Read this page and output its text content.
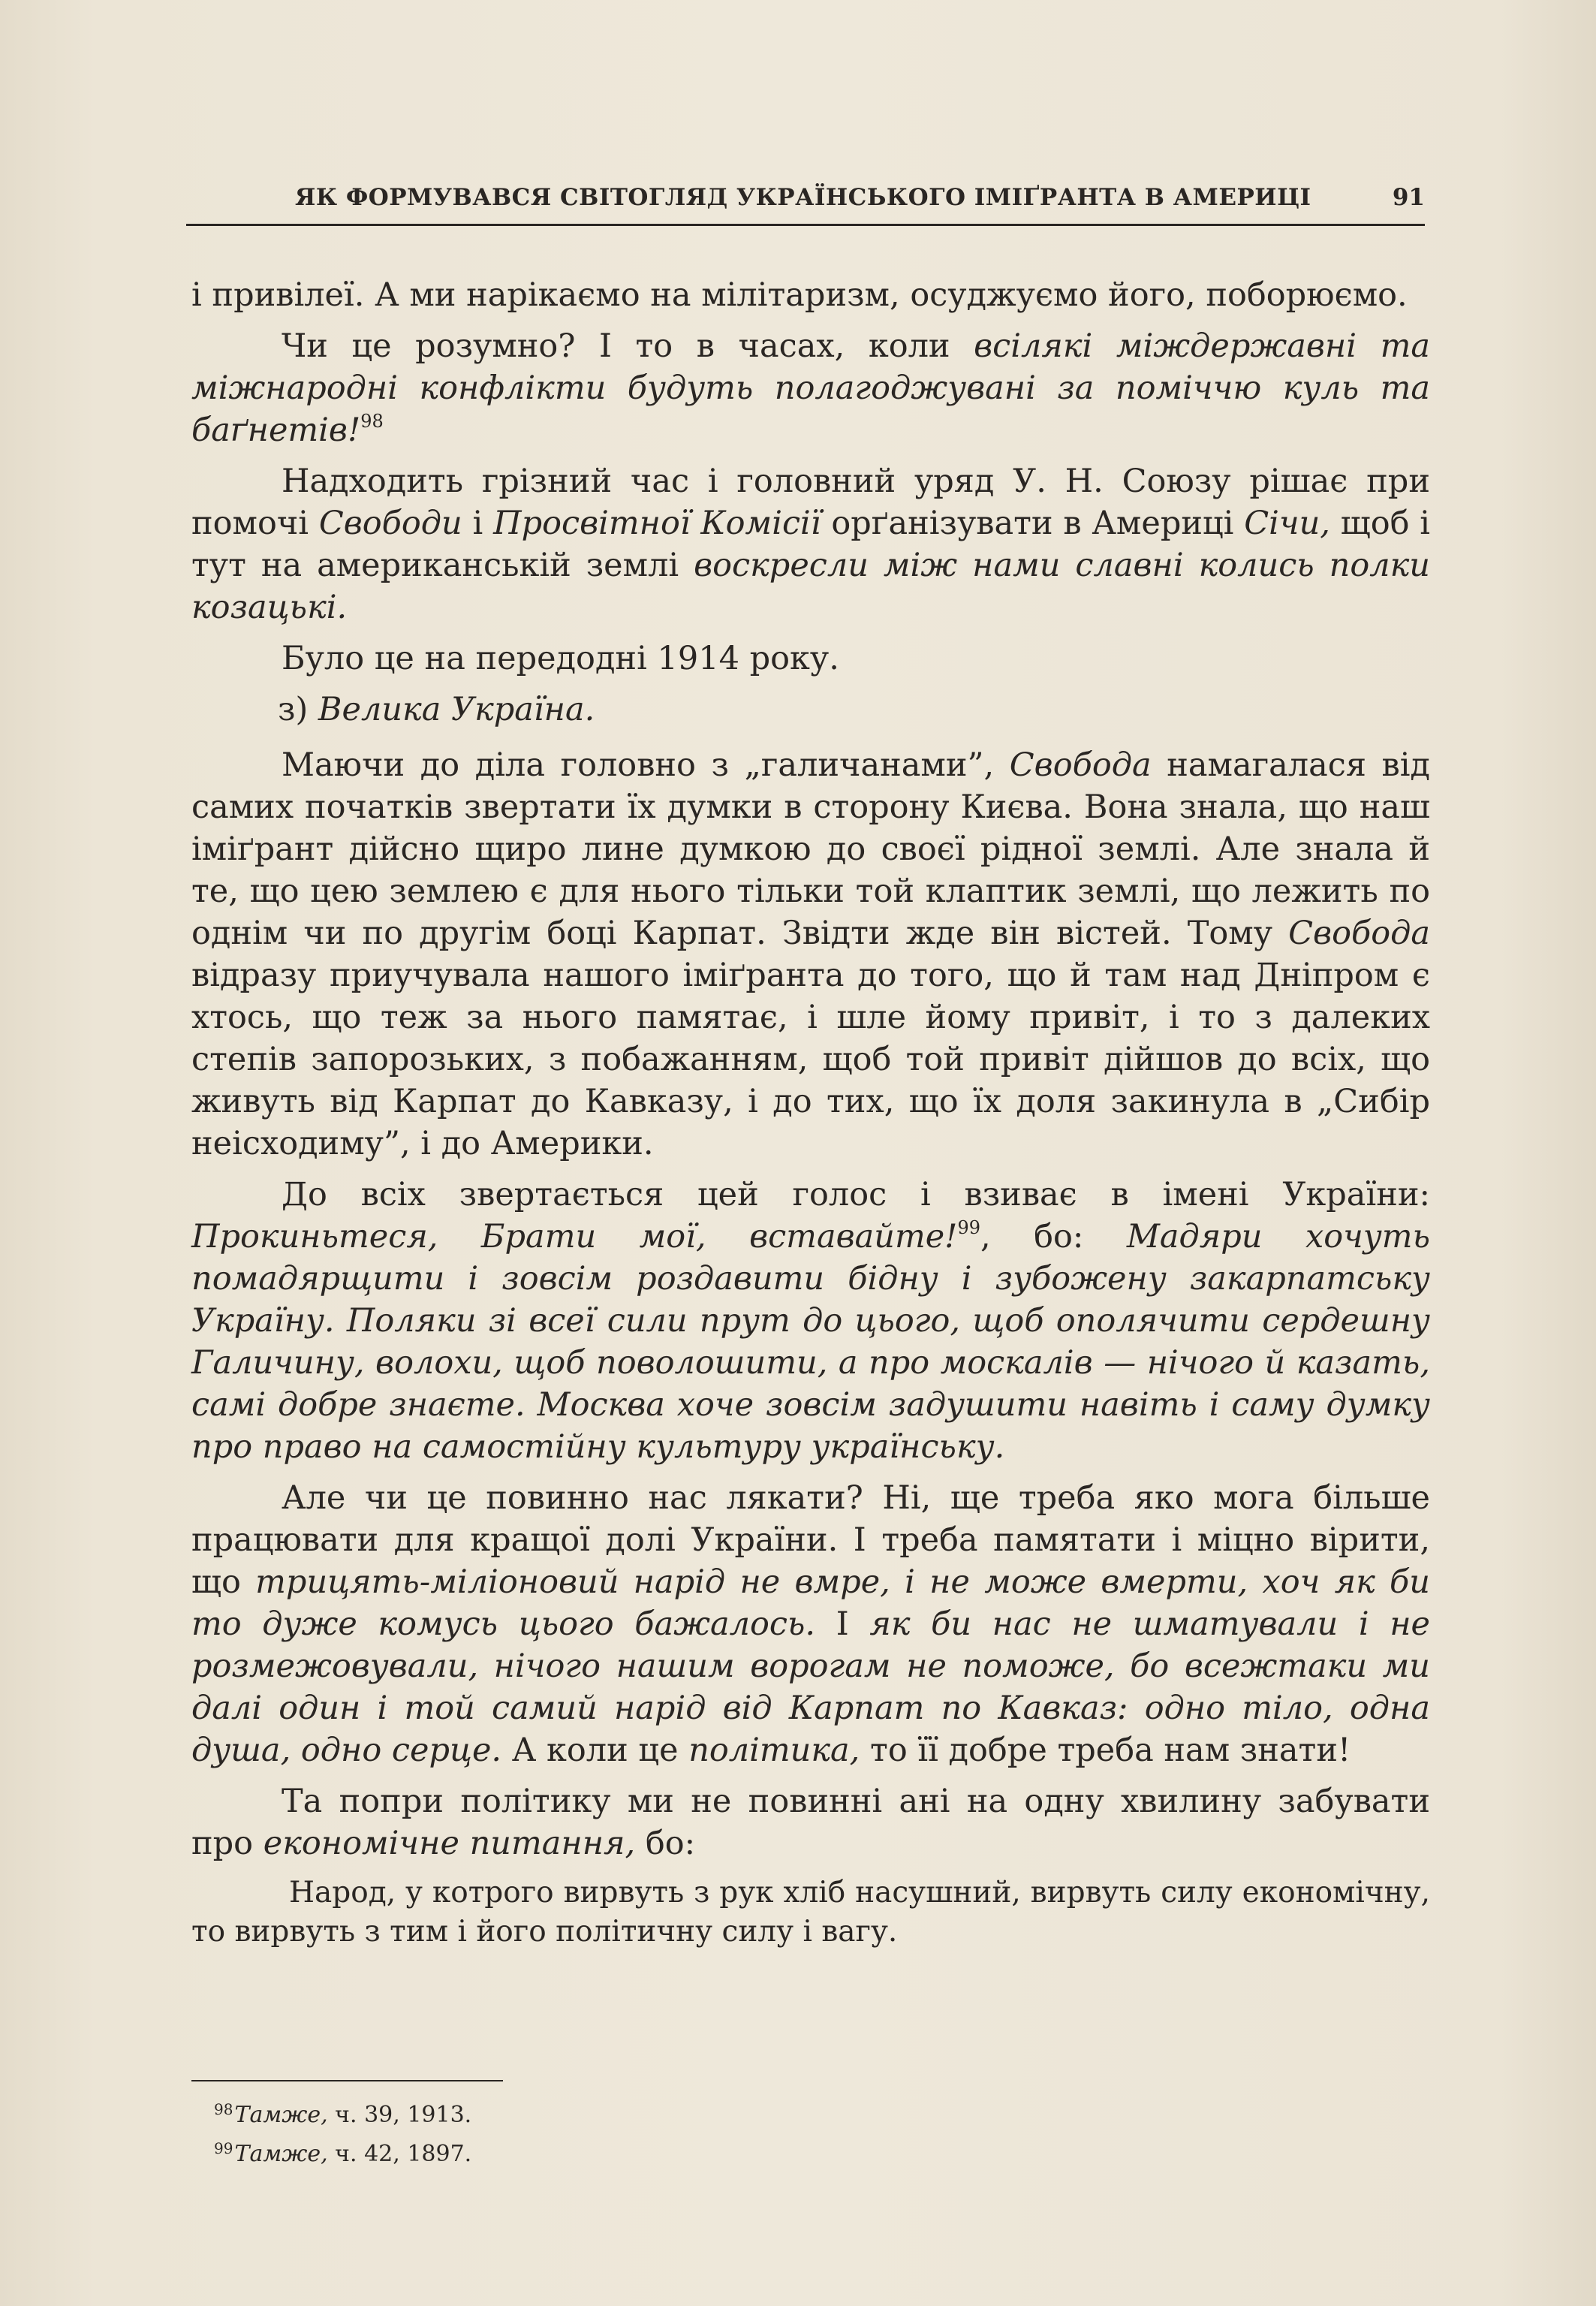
ЯК ФОРМУВАВСЯ СВІТОГЛЯД УКРАЇНСЬКОГО ІМІҐРАНТА В АМЕРИЦІ	91

і привілеї. А ми нарікаємо на мілітаризм, осуджуємо його, поборюємо.

Чи це розумно? І то в часах, коли всілякі міждержавні та міжнародні конфлікти будуть полагоджувані за поміччю куль та баґнетів!$^{98}$

Надходить грізний час і головний уряд У. Н. Союзу рішає при помочі Свободи і Просвітної Комісії орґанізувати в Америці Січи, щоб і тут на американській землі воскресли між нами славні колись полки козацькі.

Було це на передодні 1914 року.

з) Велика Україна.

Маючи до діла головно з „галичанами”, Свобода намагалася від самих початків звертати їх думки в сторону Києва. Вона знала, що наш іміґрант дійсно щиро лине думкою до своєї рідної землі. Але знала й те, що цею землею є для нього тільки той клаптик землі, що лежить по однім чи по другім боці Карпат. Звідти жде він вістей. Тому Свобода відразу приучувала нашого іміґранта до того, що й там над Дніпром є хтось, що теж за нього памятає, і шле йому привіт, і то з далеких степів запорозьких, з побажанням, щоб той привіт дійшов до всіх, що живуть від Карпат до Кавказу, і до тих, що їх доля закинула в „Сибір неісходиму”, і до Америки.

До всіх звертається цей голос і взиває в імені України: Прокиньтеся, Брати мої, вставайте!$^{99}$, бо: Мадяри хочуть помадярщити і зовсім роздавити бідну і зубожену закарпатську Україну. Поляки зі всеї сили прут до цього, щоб ополячити сердешну Галичину, волохи, щоб поволошити, а про москалів — нічого й казать, самі добре знаєте. Москва хоче зовсім задушити навіть і саму думку про право на самостійну культуру українську.

Але чи це повинно нас лякати? Ні, ще треба яко мога більше працювати для кращої долі України. І треба памятати і міцно вірити, що трицять-міліоновий нарід не вмре, і не може вмерти, хоч як би то дуже комусь цього бажалось. І як би нас не шматували і не розмежовували, нічого нашим ворогам не поможе, бо всежтаки ми далі один і той самий нарід від Карпат по Кавказ: одно тіло, одна душа, одно серце. А коли це політика, то її добре треба нам знати!

Та попри політику ми не повинні ані на одну хвилину забувати про економічне питання, бо:

Народ, у котрого вирвуть з рук хліб насушний, вирвуть силу економічну, то вирвуть з тим і його політичну силу і вагу.

$^{98}$Тамже, ч. 39, 1913.
$^{99}$Тамже, ч. 42, 1897.
